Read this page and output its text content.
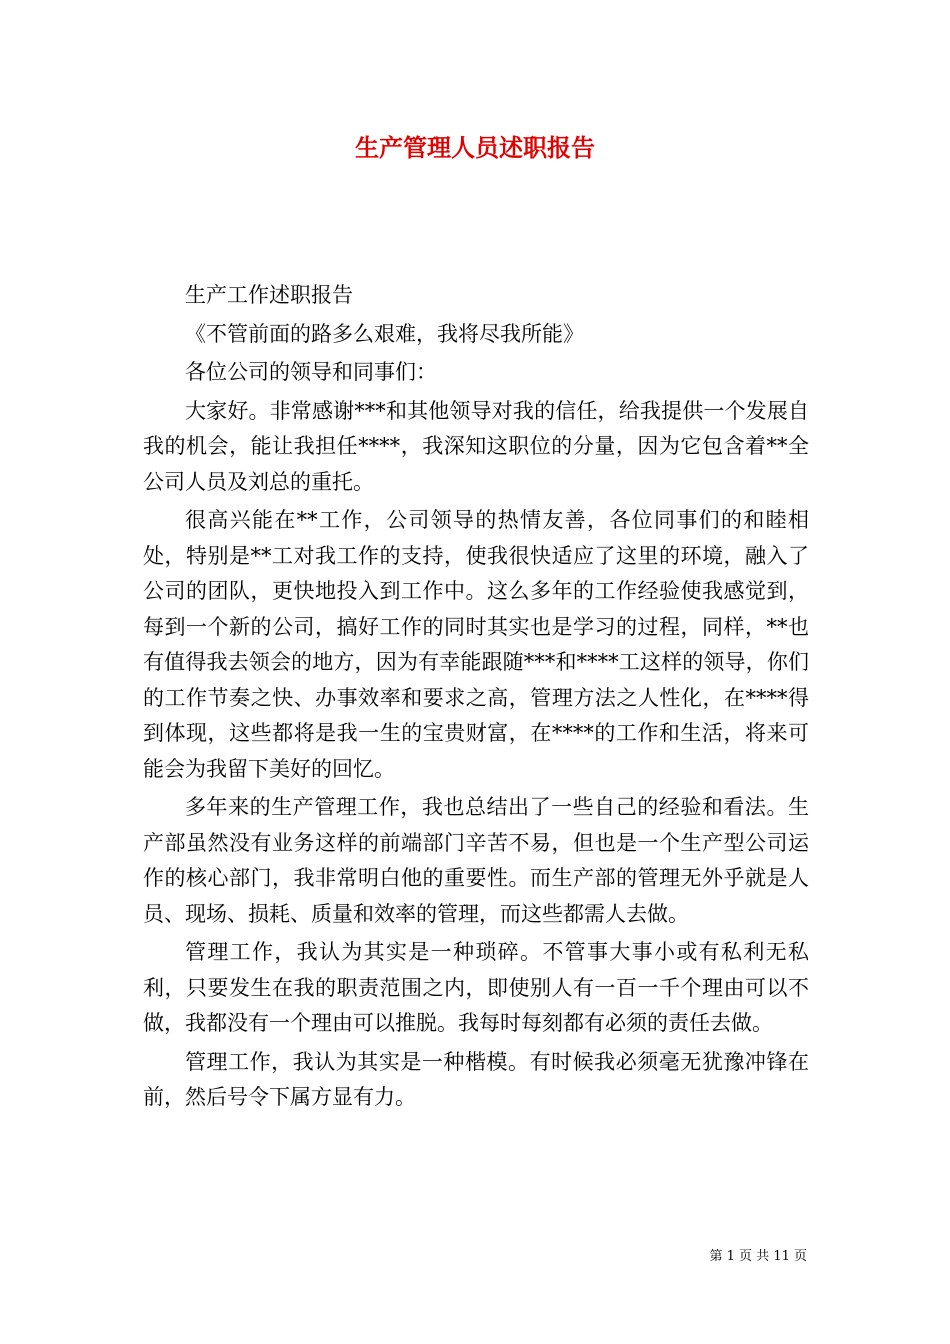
生产管理人员述职报告

生产工作述职报告

《不管前面的路多么艰难，我将尽我所能》

各位公司的领导和同事们：

大家好。非常感谢***和其他领导对我的信任，给我提供一个发展自我的机会，能让我担任****，我深知这职位的分量，因为它包含着**全公司人员及刘总的重托。

很高兴能在**工作，公司领导的热情友善，各位同事们的和睦相处，特别是**工对我工作的支持，使我很快适应了这里的环境，融入了公司的团队，更快地投入到工作中。这么多年的工作经验使我感觉到，每到一个新的公司，搞好工作的同时其实也是学习的过程，同样，**也有值得我去领会的地方，因为有幸能跟随***和****工这样的领导，你们的工作节奏之快、办事效率和要求之高，管理方法之人性化，在****得到体现，这些都将是我一生的宝贵财富，在****的工作和生活，将来可能会为我留下美好的回忆。

多年来的生产管理工作，我也总结出了一些自己的经验和看法。生产部虽然没有业务这样的前端部门辛苦不易，但也是一个生产型公司运作的核心部门，我非常明白他的重要性。而生产部的管理无外乎就是人员、现场、损耗、质量和效率的管理，而这些都需人去做。

管理工作，我认为其实是一种琐碎。不管事大事小或有私利无私利，只要发生在我的职责范围之内，即使别人有一百一千个理由可以不做，我都没有一个理由可以推脱。我每时每刻都有必须的责任去做。

管理工作，我认为其实是一种楷模。有时候我必须毫无犹豫冲锋在前，然后号令下属方显有力。

第 1 页 共 11 页
